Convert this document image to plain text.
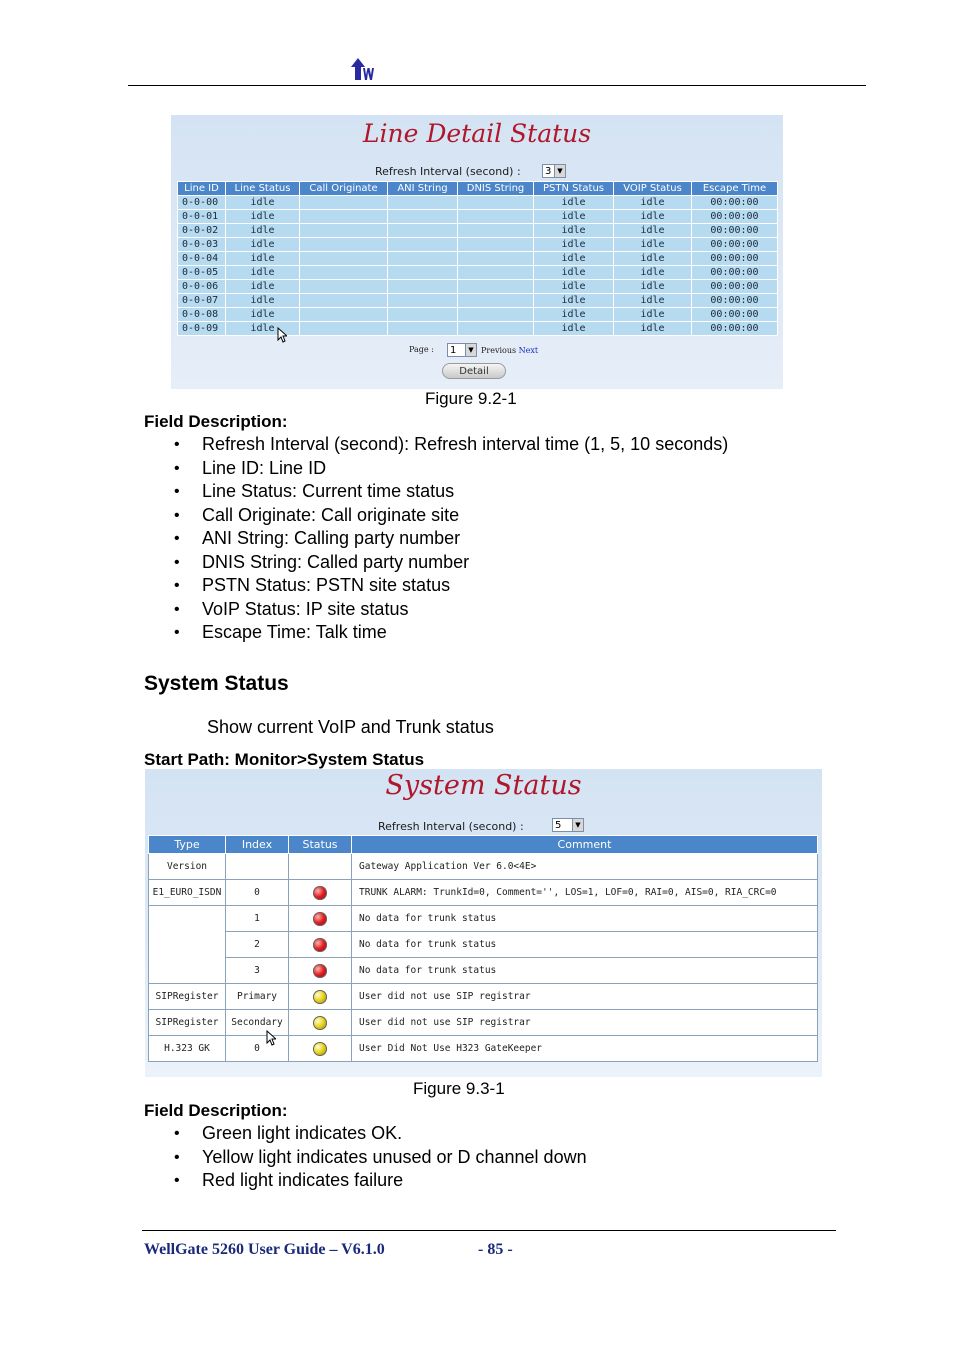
Line Detail Status
Refresh Interval (second) :	3 ▼
Line ID	Line Status	Call Originate	ANI String	DNIS String	PSTN Status	VOIP Status	Escape Time
0-0-00	idle				idle	idle	00:00:00
0-0-01	idle				idle	idle	00:00:00
0-0-02	idle				idle	idle	00:00:00
0-0-03	idle				idle	idle	00:00:00
0-0-04	idle				idle	idle	00:00:00
0-0-05	idle				idle	idle	00:00:00
0-0-06	idle				idle	idle	00:00:00
0-0-07	idle				idle	idle	00:00:00
0-0-08	idle				idle	idle	00:00:00
0-0-09	idle				idle	idle	00:00:00
Page :	1	▼ Previous Next
Detail
Figure 9.2-1
Field Description:
• Refresh Interval (second): Refresh interval time (1, 5, 10 seconds)
• Line ID: Line ID
• Line Status: Current time status
• Call Originate: Call originate site
• ANI String: Calling party number
• DNIS String: Called party number
• PSTN Status: PSTN site status
• VoIP Status: IP site status
• Escape Time: Talk time
System Status
Show current VoIP and Trunk status
Start Path: Monitor>System Status
System Status
Refresh Interval (second) :	5	▼
Type	Index	Status	Comment
Version			Gateway Application Ver 6.0<4E>
E1_EURO_ISDN	0		TRUNK ALARM: TrunkId=0, Comment='', LOS=1, LOF=0, RAI=0, AIS=0, RIA_CRC=0
	1		No data for trunk status
	2		No data for trunk status
	3		No data for trunk status
SIPRegister	Primary		User did not use SIP registrar
SIPRegister	Secondary		User did not use SIP registrar
H.323 GK	0		User Did Not Use H323 GateKeeper
Figure 9.3-1
Field Description:
• Green light indicates OK.
• Yellow light indicates unused or D channel down
• Red light indicates failure
WellGate 5260 User Guide – V6.1.0	- 85 -
